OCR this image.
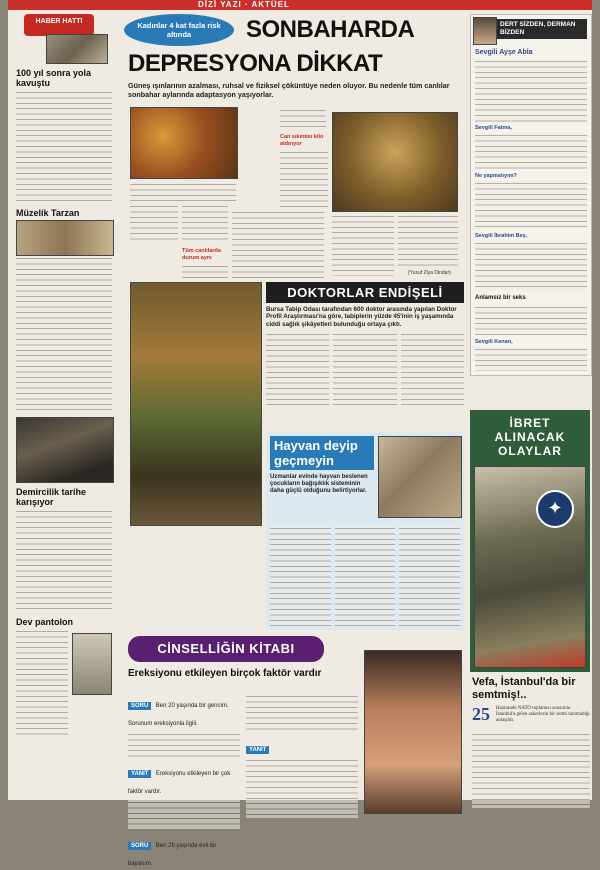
DİZİ YAZI · AKTÜEL
HABER HATTI
100 yıl sonra yola kavuştu
Müzelik Tarzan
Demircilik tarihe karışıyor
Dev pantolon
Kadınlar 4 kat fazla risk altında	SONBAHARDA
DEPRESYONA DİKKAT
Güneş ışınlarının azalması, ruhsal ve fiziksel çöküntüye neden oluyor. Bu nedenle tüm canlılar sonbahar aylarında adaptasyon yaşıyorlar.
Can sıkıntısı kilo aldırıyor
Tüm canlılarda durum aynı
(Yusuf Ziya Dindar)
DOKTORLAR ENDİŞELİ
Bursa Tabip Odası tarafından 600 doktor arasında yapılan Doktor Profil Araştırması'na göre, tabiplerin yüzde 45'inin iş yaşamında ciddi sağlık şikâyetleri bulunduğu ortaya çıktı.
Hayvan deyip geçmeyin
Uzmanlar evinde hayvan beslenen çocukların bağışıklık sisteminin daha güçlü olduğunu belirtiyorlar.
CİNSELLİĞİN KİTABI
Ereksiyonu etkileyen birçok faktör vardır
SORU Ben 20 yaşında bir gencim. Sorunum ereksiyonla ilgili.
YANIT Ereksiyonu etkileyen bir çok faktör vardır.
SORU Ben 26 yaşında evli bir bayanım.
YANIT
DERT SİZDEN, DERMAN BİZDEN
Sevgili Ayşe Abla
Sevgili Fatma,
Ne yapmalıyım?
Sevgili İbrahim Bey,
Anlamsız bir seks
Sevgili Kenan,
İBRET
ALINACAK
OLAYLAR
✦
Vefa, İstanbul'da bir semtmiş!..
25 Hazirande NATO toplantısı sırasında İstanbul'a gelen askerlerin bir semti tanımadığı anlaşıldı.
